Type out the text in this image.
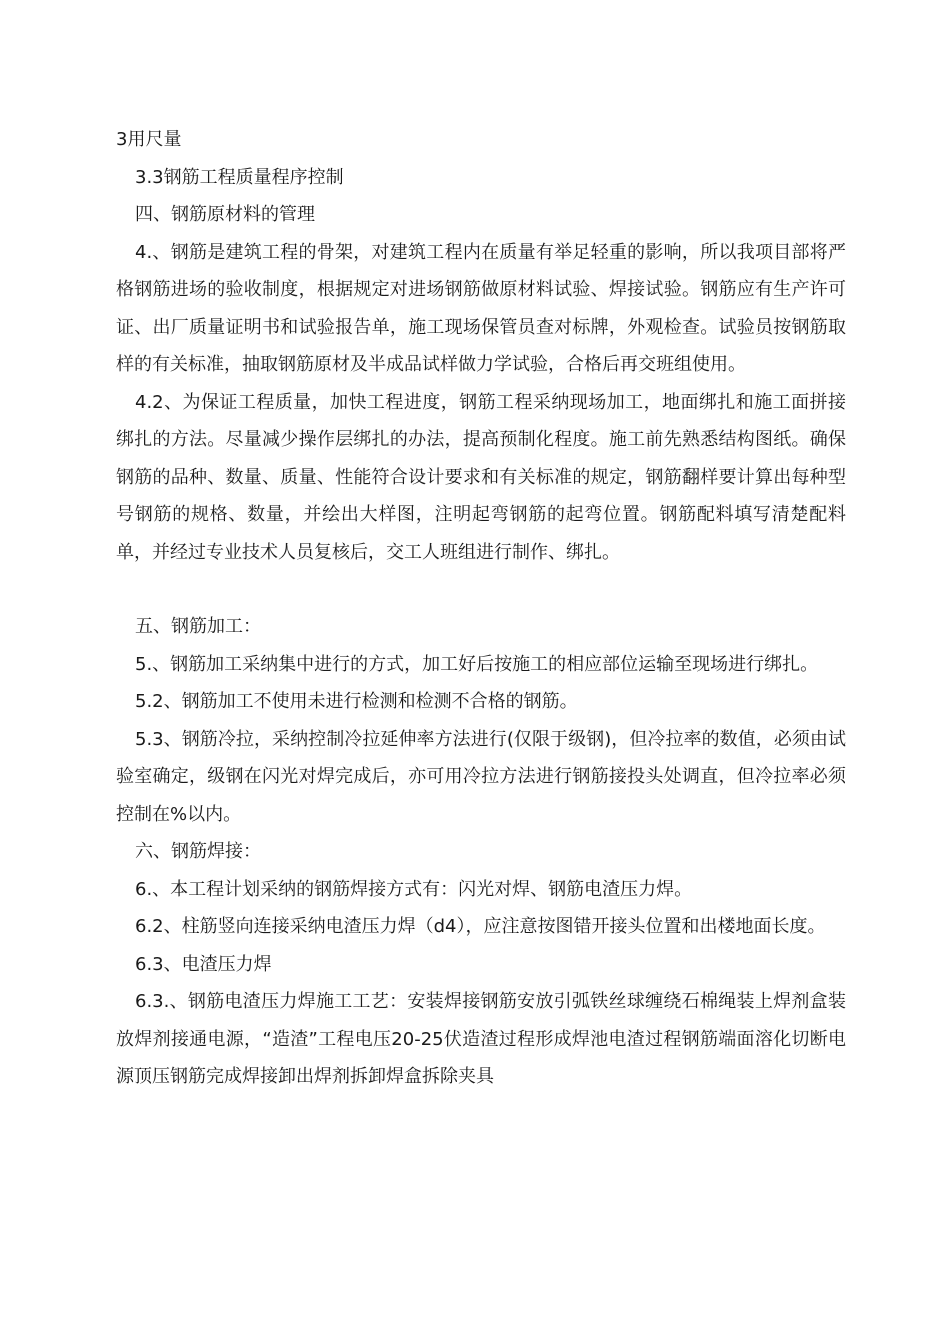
3用尺量

3.3钢筋工程质量程序控制

四、钢筋原材料的管理

4.、钢筋是建筑工程的骨架，对建筑工程内在质量有举足轻重的影响，所以我项目部将严格钢筋进场的验收制度，根据规定对进场钢筋做原材料试验、焊接试验。钢筋应有生产许可证、出厂质量证明书和试验报告单，施工现场保管员查对标牌，外观检查。试验员按钢筋取样的有关标准，抽取钢筋原材及半成品试样做力学试验，合格后再交班组使用。

4.2、为保证工程质量，加快工程进度，钢筋工程采纳现场加工，地面绑扎和施工面拼接绑扎的方法。尽量减少操作层绑扎的办法，提高预制化程度。施工前先熟悉结构图纸。确保钢筋的品种、数量、质量、性能符合设计要求和有关标准的规定，钢筋翻样要计算出每种型号钢筋的规格、数量，并绘出大样图，注明起弯钢筋的起弯位置。钢筋配料填写清楚配料单，并经过专业技术人员复核后，交工人班组进行制作、绑扎。

五、钢筋加工：

5.、钢筋加工采纳集中进行的方式，加工好后按施工的相应部位运输至现场进行绑扎。

5.2、钢筋加工不使用未进行检测和检测不合格的钢筋。

5.3、钢筋冷拉，采纳控制冷拉延伸率方法进行(仅限于级钢)，但冷拉率的数值，必须由试验室确定，级钢在闪光对焊完成后，亦可用冷拉方法进行钢筋接投头处调直，但冷拉率必须控制在%以内。

六、钢筋焊接：

6.、本工程计划采纳的钢筋焊接方式有：闪光对焊、钢筋电渣压力焊。

6.2、柱筋竖向连接采纳电渣压力焊（d4），应注意按图错开接头位置和出楼地面长度。

6.3、电渣压力焊

6.3.、钢筋电渣压力焊施工工艺：安装焊接钢筋安放引弧铁丝球缠绕石棉绳装上焊剂盒装放焊剂接通电源，“造渣”工程电压20-25伏造渣过程形成焊池电渣过程钢筋端面溶化切断电源顶压钢筋完成焊接卸出焊剂拆卸焊盒拆除夹具
